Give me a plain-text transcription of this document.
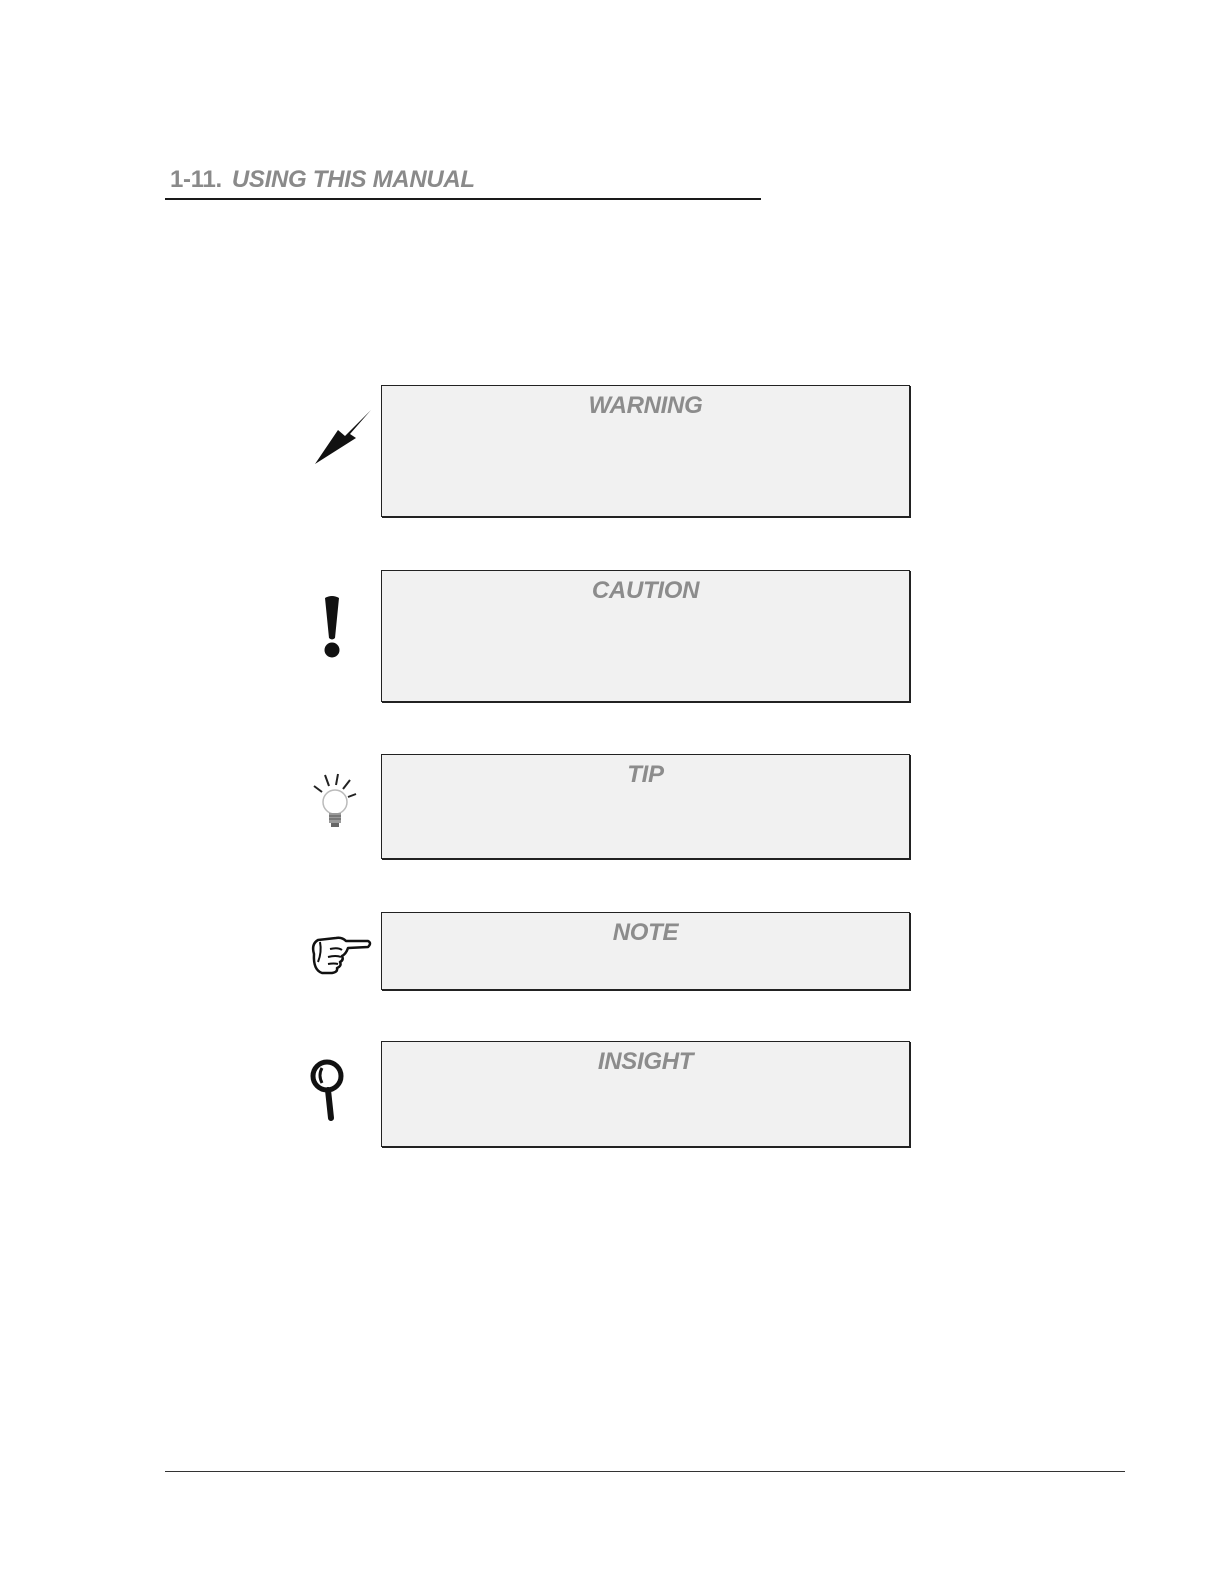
1-11. USING THIS MANUAL
WARNING
CAUTION
TIP
NOTE
INSIGHT
